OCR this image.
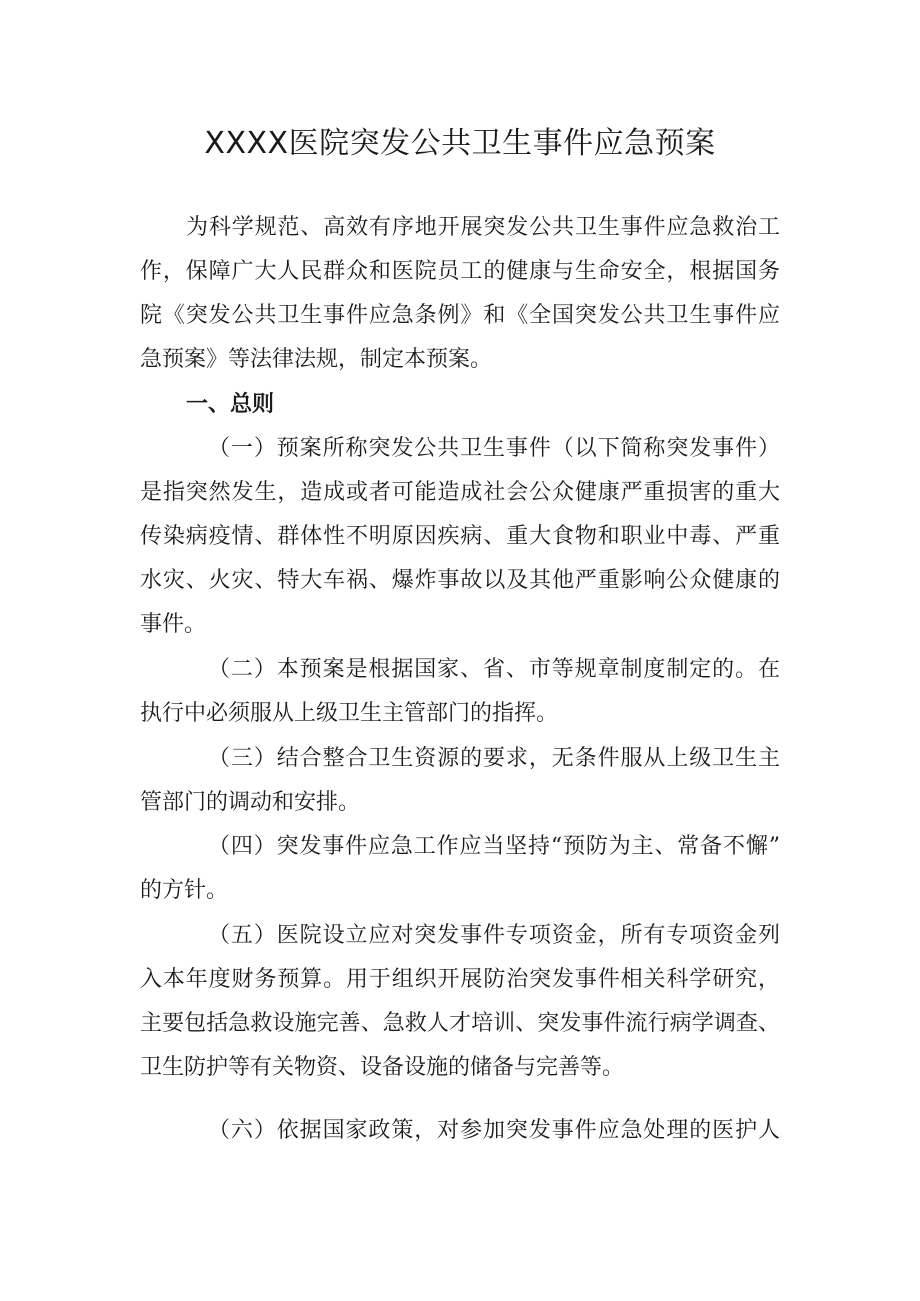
XXXX医院突发公共卫生事件应急预案
为科学规范、高效有序地开展突发公共卫生事件应急救治工
作，保障广大人民群众和医院员工的健康与生命安全，根据国务
院《突发公共卫生事件应急条例》和《全国突发公共卫生事件应
急预案》等法律法规，制定本预案。
一、总则
（一）预案所称突发公共卫生事件（以下简称突发事件）
是指突然发生，造成或者可能造成社会公众健康严重损害的重大
传染病疫情、群体性不明原因疾病、重大食物和职业中毒、严重
水灾、火灾、特大车祸、爆炸事故以及其他严重影响公众健康的
事件。
（二）本预案是根据国家、省、市等规章制度制定的。在
执行中必须服从上级卫生主管部门的指挥。
（三）结合整合卫生资源的要求，无条件服从上级卫生主
管部门的调动和安排。
（四）突发事件应急工作应当坚持“预防为主、常备不懈”
的方针。
（五）医院设立应对突发事件专项资金，所有专项资金列
入本年度财务预算。用于组织开展防治突发事件相关科学研究，
主要包括急救设施完善、急救人才培训、突发事件流行病学调查、
卫生防护等有关物资、设备设施的储备与完善等。
（六）依据国家政策，对参加突发事件应急处理的医护人
